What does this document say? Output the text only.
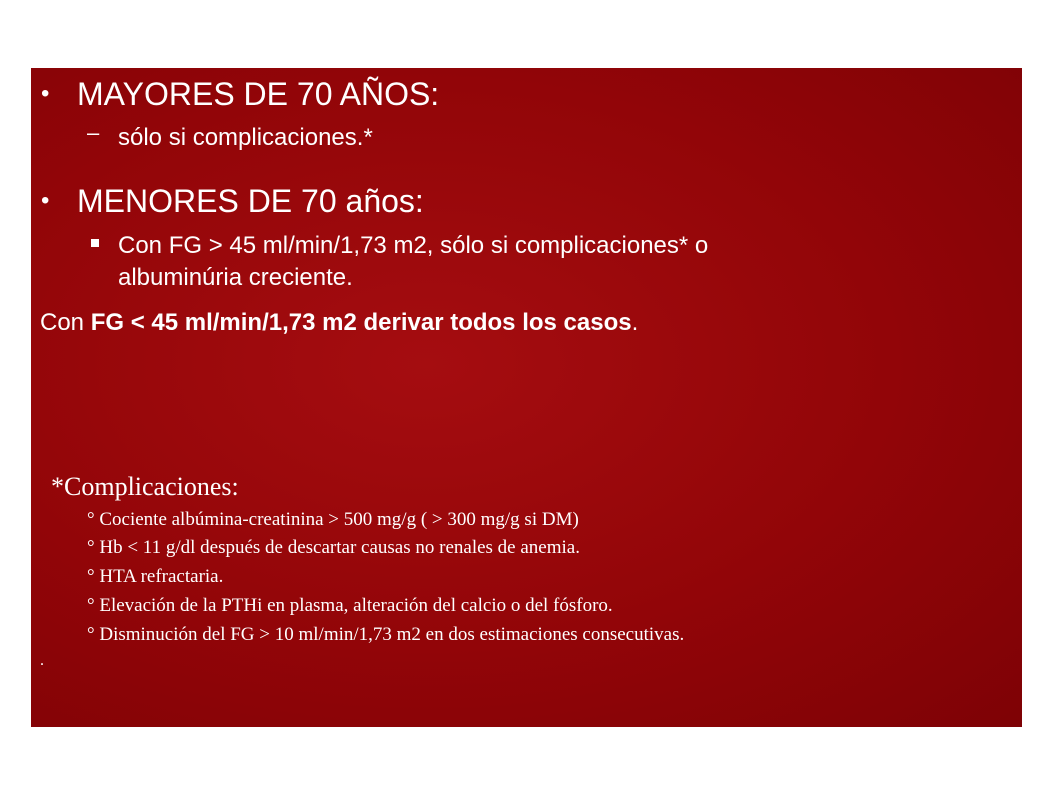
• MAYORES DE 70 AÑOS:
– sólo si complicaciones.*
• MENORES DE 70 años:
Con FG > 45 ml/min/1,73 m2, sólo si complicaciones* o
albuminúria creciente.
Con FG < 45 ml/min/1,73 m2 derivar todos los casos.
*Complicaciones:
° Cociente albúmina-creatinina > 500 mg/g ( > 300 mg/g si DM)
° Hb < 11 g/dl después de descartar causas no renales de anemia.
° HTA refractaria.
° Elevación de la PTHi en plasma, alteración del calcio o del fósforo.
° Disminución del FG > 10 ml/min/1,73 m2 en dos estimaciones consecutivas.
.
